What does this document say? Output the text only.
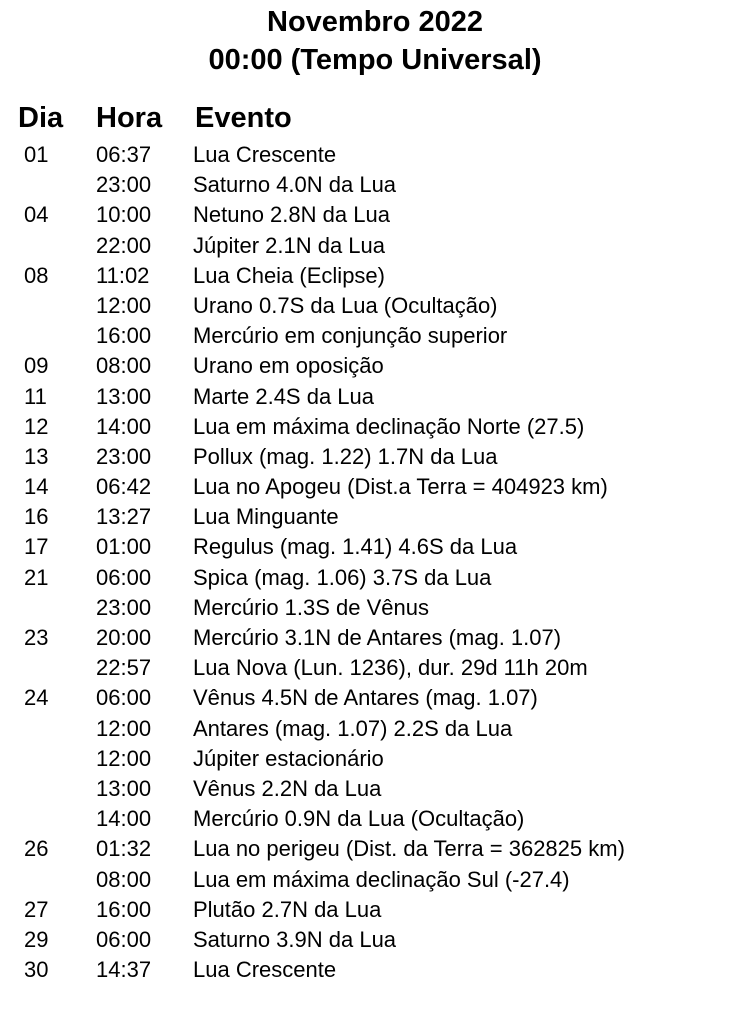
Novembro 2022
00:00 (Tempo Universal)
Dia Hora Evento
01 06:37 Lua Crescente
23:00 Saturno 4.0N da Lua
04 10:00 Netuno 2.8N da Lua
22:00 Júpiter 2.1N da Lua
08 11:02 Lua Cheia (Eclipse)
12:00 Urano 0.7S da Lua (Ocultação)
16:00 Mercúrio em conjunção superior
09 08:00 Urano em oposição
11 13:00 Marte 2.4S da Lua
12 14:00 Lua em máxima declinação Norte (27.5)
13 23:00 Pollux (mag. 1.22) 1.7N da Lua
14 06:42 Lua no Apogeu (Dist.a Terra = 404923 km)
16 13:27 Lua Minguante
17 01:00 Regulus (mag. 1.41) 4.6S da Lua
21 06:00 Spica (mag. 1.06) 3.7S da Lua
23:00 Mercúrio 1.3S de Vênus
23 20:00 Mercúrio 3.1N de Antares (mag. 1.07)
22:57 Lua Nova (Lun. 1236), dur. 29d 11h 20m
24 06:00 Vênus 4.5N de Antares (mag. 1.07)
12:00 Antares (mag. 1.07) 2.2S da Lua
12:00 Júpiter estacionário
13:00 Vênus 2.2N da Lua
14:00 Mercúrio 0.9N da Lua (Ocultação)
26 01:32 Lua no perigeu (Dist. da Terra = 362825 km)
08:00 Lua em máxima declinação Sul (-27.4)
27 16:00 Plutão 2.7N da Lua
29 06:00 Saturno 3.9N da Lua
30 14:37 Lua Crescente
